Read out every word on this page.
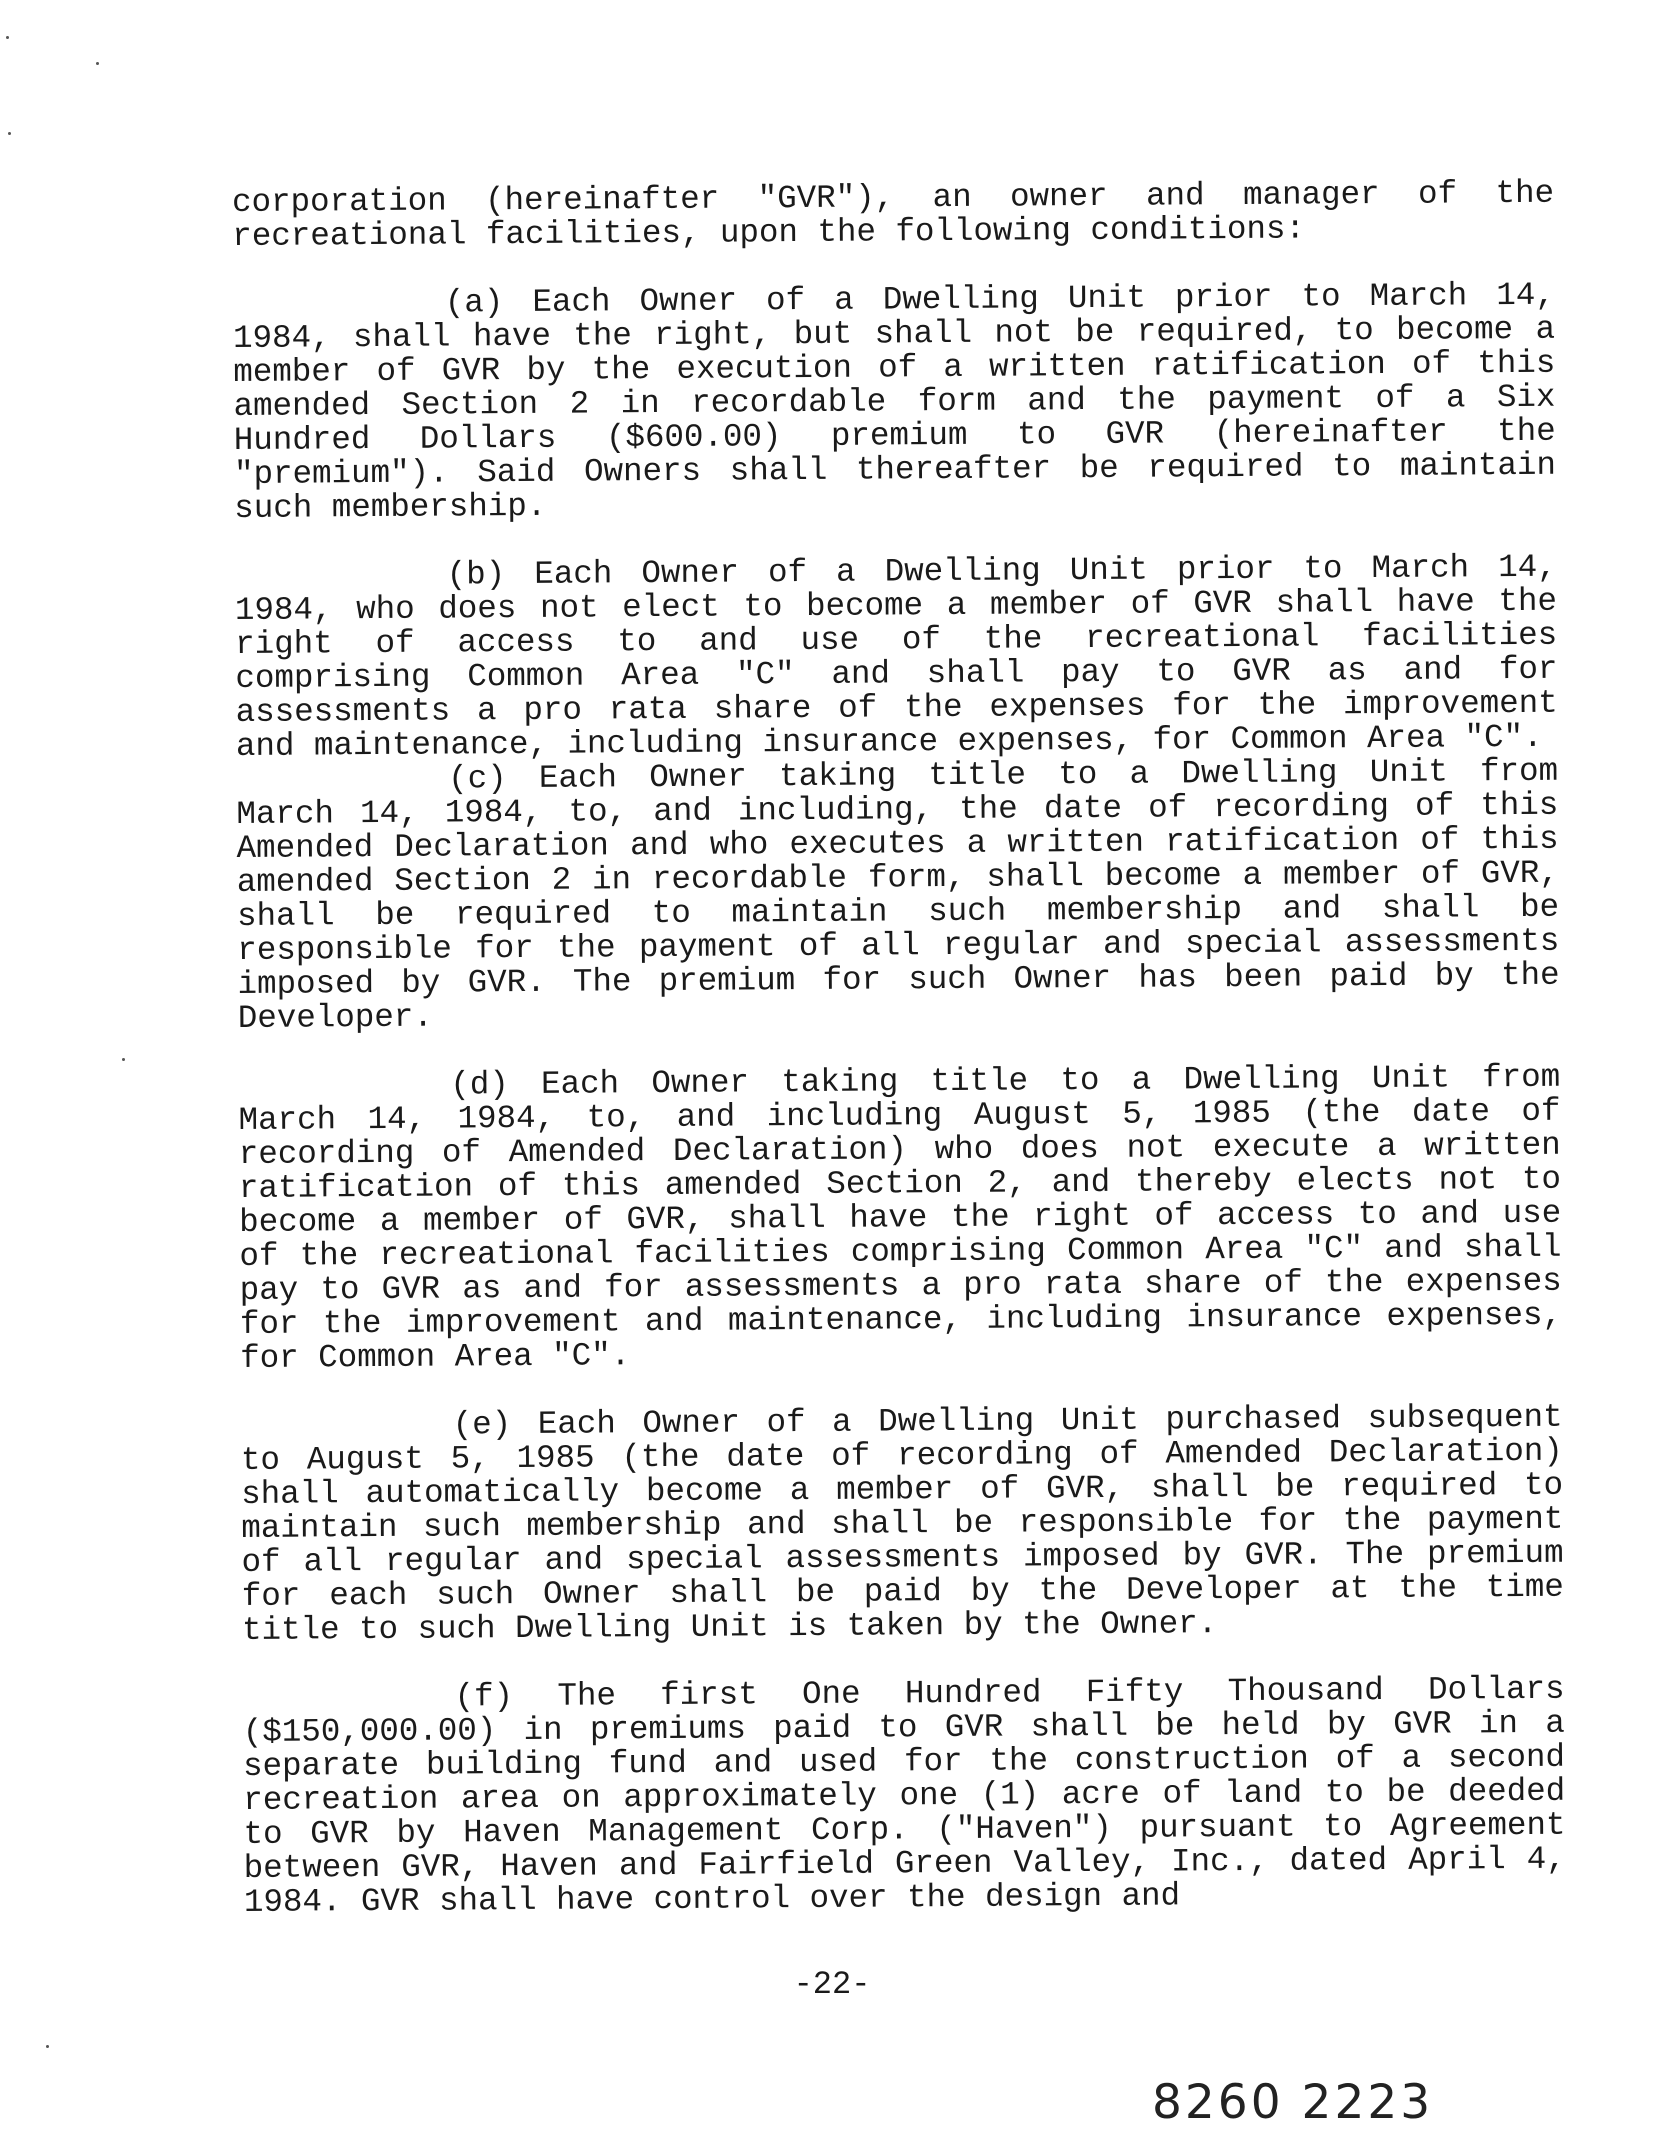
corporation (hereinafter "GVR"), an owner and manager of the recreational facilities, upon the following conditions:

(a) Each Owner of a Dwelling Unit prior to March 14, 1984, shall have the right, but shall not be required, to become a member of GVR by the execution of a written ratification of this amended Section 2 in recordable form and the payment of a Six Hundred Dollars ($600.00) premium to GVR (hereinafter the "premium"). Said Owners shall thereafter be required to maintain such membership.

(b) Each Owner of a Dwelling Unit prior to March 14, 1984, who does not elect to become a member of GVR shall have the right of access to and use of the recreational facilities comprising Common Area "C" and shall pay to GVR as and for assessments a pro rata share of the expenses for the improvement and maintenance, including insurance expenses, for Common Area "C".

(c) Each Owner taking title to a Dwelling Unit from March 14, 1984, to, and including, the date of recording of this Amended Declaration and who executes a written ratification of this amended Section 2 in recordable form, shall become a member of GVR, shall be required to maintain such membership and shall be responsible for the payment of all regular and special assessments imposed by GVR. The premium for such Owner has been paid by the Developer.

(d) Each Owner taking title to a Dwelling Unit from March 14, 1984, to, and including August 5, 1985 (the date of recording of Amended Declaration) who does not execute a written ratification of this amended Section 2, and thereby elects not to become a member of GVR, shall have the right of access to and use of the recreational facilities comprising Common Area "C" and shall pay to GVR as and for assessments a pro rata share of the expenses for the improvement and maintenance, including insurance expenses, for Common Area "C".

(e) Each Owner of a Dwelling Unit purchased subsequent to August 5, 1985 (the date of recording of Amended Declaration) shall automatically become a member of GVR, shall be required to maintain such membership and shall be responsible for the payment of all regular and special assessments imposed by GVR. The premium for each such Owner shall be paid by the Developer at the time title to such Dwelling Unit is taken by the Owner.

(f) The first One Hundred Fifty Thousand Dollars ($150,000.00) in premiums paid to GVR shall be held by GVR in a separate building fund and used for the construction of a second recreation area on approximately one (1) acre of land to be deeded to GVR by Haven Management Corp. ("Haven") pursuant to Agreement between GVR, Haven and Fairfield Green Valley, Inc., dated April 4, 1984. GVR shall have control over the design and

-22-
8260 2223
